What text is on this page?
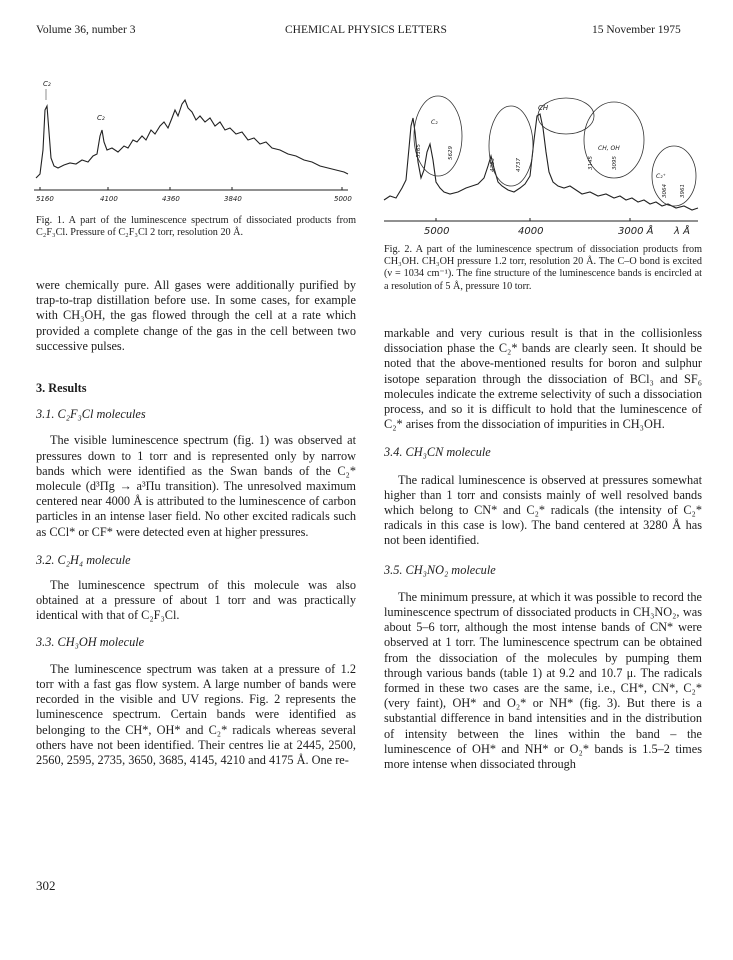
Volume 36, number 3	CHEMICAL PHYSICS LETTERS	15 November 1975
5160	4100	4360	3840	5000
C₂
C₂
Fig. 1. A part of the luminescence spectrum of dissociated products from C₂F₃Cl. Pressure of C₂F₃Cl 2 torr, resolution 20 Å.
CH
C₂
CH, OH
C₂⁺
5165	5629
4383	4737	3145	3095
3064 3961
5000	4000	3000 Å λ Å
Fig. 2. A part of the luminescence spectrum of dissociation products from CH₃OH. CH₃OH pressure 1.2 torr, resolution 20 Å. The C–O bond is excited (ν = 1034 cm⁻¹). The fine structure of the luminescence bands is encircled at a resolution of 5 Å, pressure 10 torr.

were chemically pure. All gases were additionally purified by trap-to-trap distillation before use. In some cases, for example with CH₃OH, the gas flowed through the cell at a rate which provided a complete change of the gas in the cell between two successive pulses.

3. Results
3.1. C₂F₃Cl molecules

The visible luminescence spectrum (fig. 1) was observed at pressures down to 1 torr and is represented only by narrow bands which were identified as the Swan bands of the C₂* molecule (d³Πg → a³Πu transition). The unresolved maximum centered near 4000 Å is attributed to the luminescence of carbon particles in an intense laser field. No other excited radicals such as CCl* or CF* were detected even at higher pressures.

3.2. C₂H₄ molecule

The luminescence spectrum of this molecule was also obtained at a pressure of about 1 torr and was practically identical with that of C₂F₃Cl.

3.3. CH₃OH molecule

The luminescence spectrum was taken at a pressure of 1.2 torr with a fast gas flow system. A large number of bands were recorded in the visible and UV regions. Fig. 2 represents the luminescence spectrum. Certain bands were identified as belonging to the CH*, OH* and C₂* radicals whereas several others have not been identified. Their centres lie at 2445, 2500, 2560, 2595, 2735, 3650, 3685, 4145, 4210 and 4175 Å. One re-

markable and very curious result is that in the collisionless dissociation phase the C₂* bands are clearly seen. It should be noted that the above-mentioned results for boron and sulphur isotope separation through the dissociation of BCl₃ and SF₆ molecules indicate the extreme selectivity of such a dissociation process, and so it is difficult to hold that the luminescence of C₂* arises from the dissociation of impurities in CH₃OH.

3.4. CH₃CN molecule

The radical luminescence is observed at pressures somewhat higher than 1 torr and consists mainly of well resolved bands which belong to CN* and C₂* radicals (the intensity of C₂* radicals in this case is low). The band centered at 3280 Å has not been identified.

3.5. CH₃NO₂ molecule

The minimum pressure, at which it was possible to record the luminescence spectrum of dissociated products in CH₃NO₂, was about 5–6 torr, although the most intense bands of CN* were observed at 1 torr. The luminescence spectrum can be obtained from the dissociation of the molecules by pumping them through various bands (table 1) at 9.2 and 10.7 μ. The radicals formed in these two cases are the same, i.e., CH*, CN*, C₂* (very faint), OH* and O₂* or NH* (fig. 3). But there is a substantial difference in band intensities and in the distribution of intensity between the lines within the band – the luminescence of OH* and NH* or O₂* bands is 1.5–2 times more intense when dissociated through

302
